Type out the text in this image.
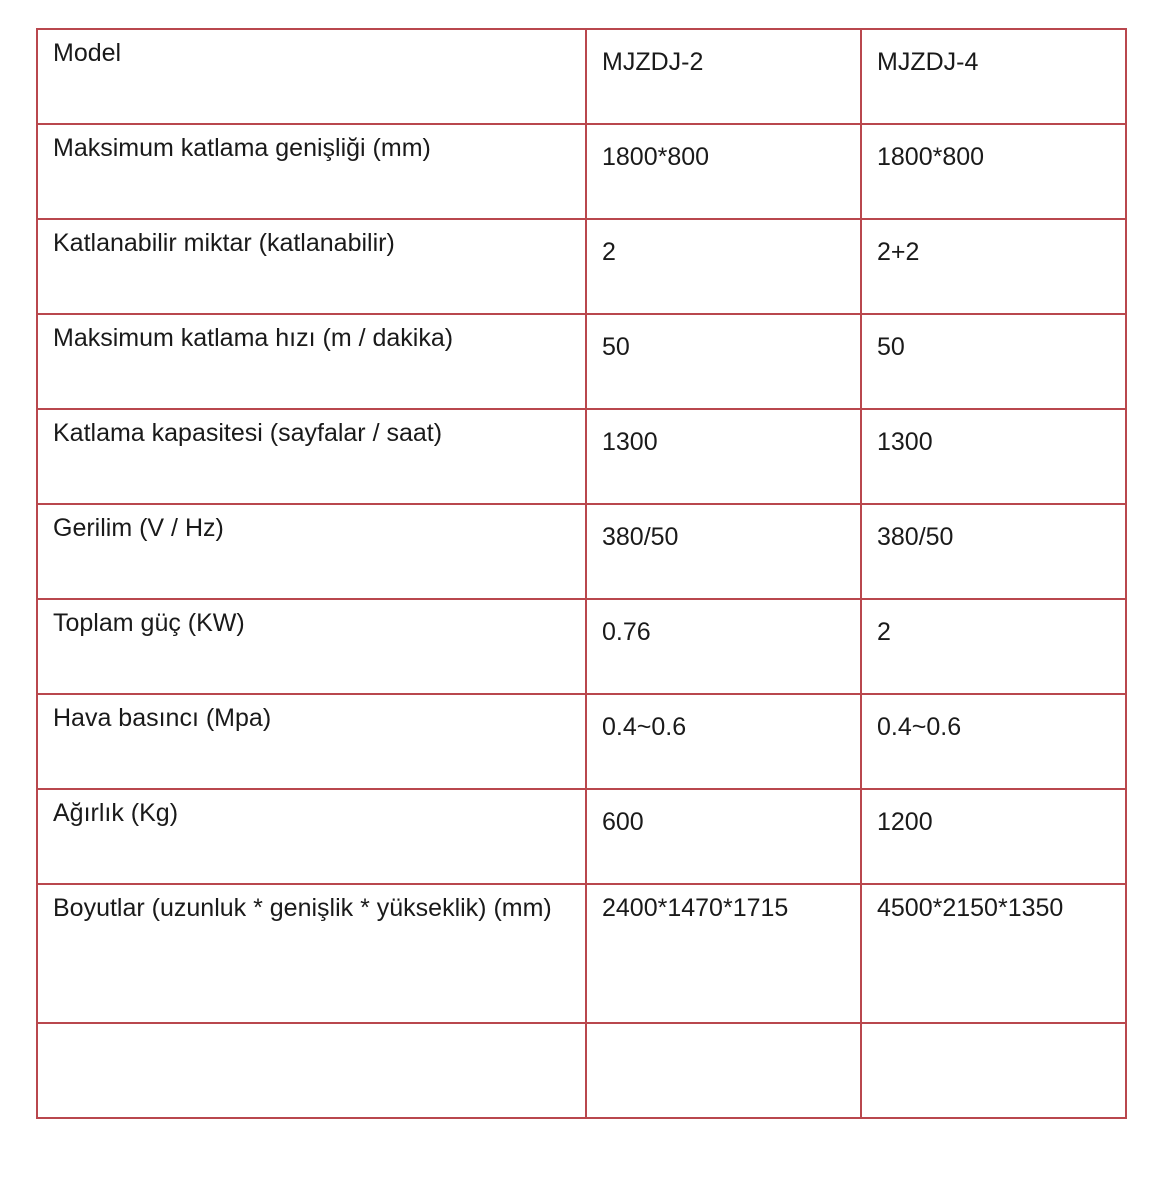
Model	MJZDJ-2	MJZDJ-4

Maksimum katlama genişliği (mm)	1800*800	1800*800

Katlanabilir miktar (katlanabilir)	2	2+2

Maksimum katlama hızı (m / dakika)	50	50

Katlama kapasitesi (sayfalar / saat)	1300	1300

Gerilim (V / Hz)	380/50	380/50

Toplam güç (KW)	0.76	2

Hava basıncı (Mpa)	0.4~0.6	0.4~0.6

Ağırlık (Kg)	600	1200

Boyutlar (uzunluk * genişlik * yükseklik) (mm)	2400*1470*1715	4500*2150*1350
